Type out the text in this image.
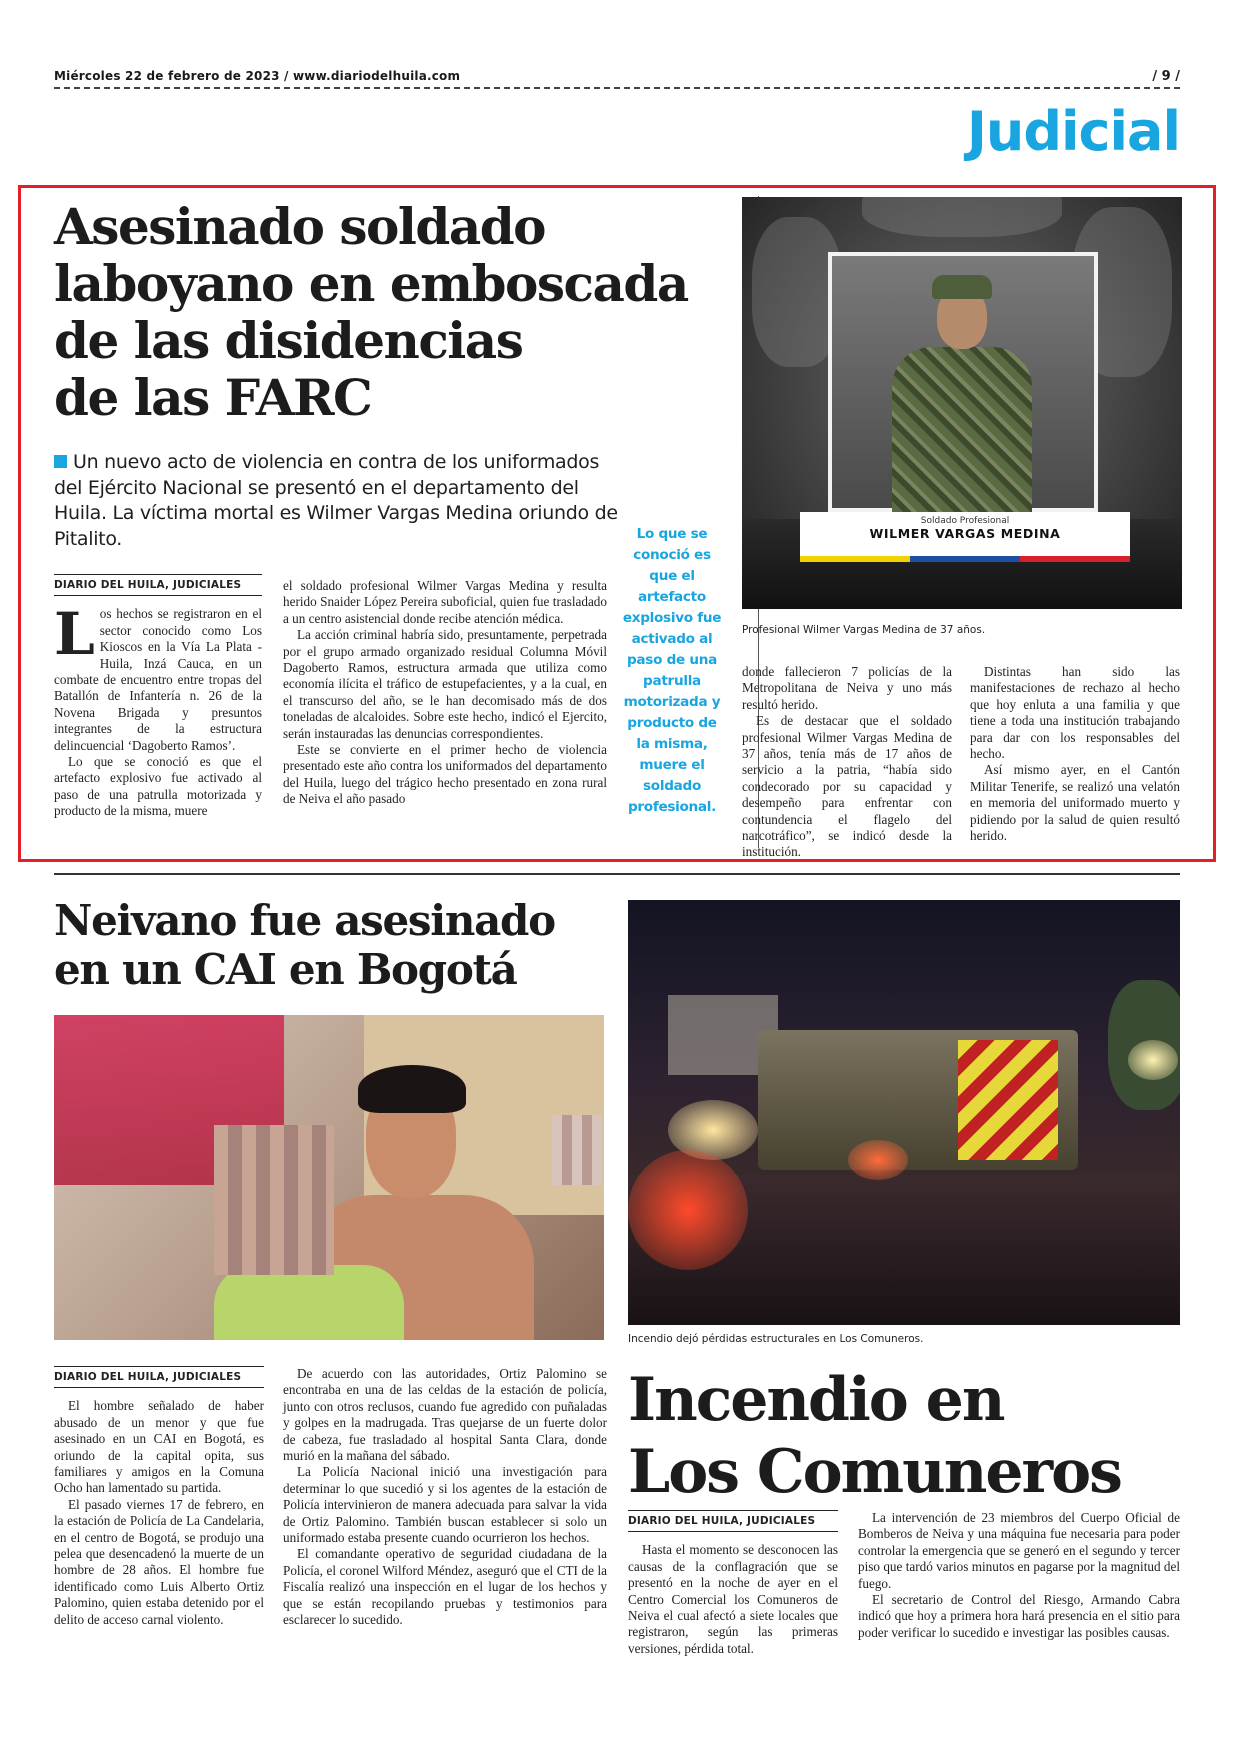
Miércoles 22 de febrero de 2023 / www.diariodelhuila.com	/ 9 /
Judicial
Asesinado soldado
laboyano en emboscada
de las disidencias
de las FARC
Un nuevo acto de violencia en contra de los uniformados del Ejército Nacional se presentó en el departamento del Huila. La víctima mortal es Wilmer Vargas Medina oriundo de Pitalito.
DIARIO DEL HUILA, JUDICIALES

Los hechos se registraron en el sector conocido como Los Kioscos en la Vía La Plata - Huila, Inzá Cauca, en un combate de encuentro entre tropas del Batallón de Infantería n. 26 de la Novena Brigada y presuntos integrantes de la estructura delincuencial ‘Dagoberto Ramos’.

Lo que se conoció es que el artefacto explosivo fue activado al paso de una patrulla motorizada y producto de la misma, muere

el soldado profesional Wilmer Vargas Medina y resulta herido Snaider López Pereira suboficial, quien fue trasladado a un centro asistencial donde recibe atención médica.

La acción criminal habría sido, presuntamente, perpetrada por el grupo armado organizado residual Columna Móvil Dagoberto Ramos, estructura armada que utiliza como economía ilícita el tráfico de estupefacientes, y a la cual, en el transcurso del año, se le han decomisado más de dos toneladas de alcaloides. Sobre este hecho, indicó el Ejercito, serán instauradas las denuncias correspondientes.

Este se convierte en el primer hecho de violencia presentado este año contra los uniformados del departamento del Huila, luego del trágico hecho presentado en zona rural de Neiva el año pasado

Lo que se conoció es que el artefacto explosivo fue activado al paso de una patrulla motorizada y producto de la misma, muere el soldado profesional.
Soldado Profesional
WILMER VARGAS MEDINA
Profesional Wilmer Vargas Medina de 37 años.

donde fallecieron 7 policías de la Metropolitana de Neiva y uno más resultó herido.

Es de destacar que el soldado profesional Wilmer Vargas Medina de 37 años, tenía más de 17 años de servicio a la patria, “había sido condecorado por su capacidad y desempeño para enfrentar con contundencia el flagelo del narcotráfico”, se indicó desde la institución.

Distintas han sido las manifestaciones de rechazo al hecho que hoy enluta a una familia y que tiene a toda una institución trabajando para dar con los responsables del hecho.

Así mismo ayer, en el Cantón Militar Tenerife, se realizó una velatón en memoria del uniformado muerto y pidiendo por la salud de quien resultó herido.

Neivano fue asesinado
en un CAI en Bogotá
DIARIO DEL HUILA, JUDICIALES

El hombre señalado de haber abusado de un menor y que fue asesinado en un CAI en Bogotá, es oriundo de la capital opita, sus familiares y amigos en la Comuna Ocho han lamentado su partida.

El pasado viernes 17 de febrero, en la estación de Policía de La Candelaria, en el centro de Bogotá, se produjo una pelea que desencadenó la muerte de un hombre de 28 años. El hombre fue identificado como Luis Alberto Ortiz Palomino, quien estaba detenido por el delito de acceso carnal violento.

De acuerdo con las autoridades, Ortiz Palomino se encontraba en una de las celdas de la estación de policía, junto con otros reclusos, cuando fue agredido con puñaladas y golpes en la madrugada. Tras quejarse de un fuerte dolor de cabeza, fue trasladado al hospital Santa Clara, donde murió en la mañana del sábado.

La Policía Nacional inició una investigación para determinar lo que sucedió y si los agentes de la estación de Policía intervinieron de manera adecuada para salvar la vida de Ortiz Palomino. También buscan establecer si solo un uniformado estaba presente cuando ocurrieron los hechos.

El comandante operativo de seguridad ciudadana de la Policía, el coronel Wilford Méndez, aseguró que el CTI de la Fiscalía realizó una inspección en el lugar de los hechos y que se están recopilando pruebas y testimonios para esclarecer lo sucedido.

Incendio dejó pérdidas estructurales en Los Comuneros.
Incendio en
Los Comuneros
DIARIO DEL HUILA, JUDICIALES

Hasta el momento se desconocen las causas de la conflagración que se presentó en la noche de ayer en el Centro Comercial los Comuneros de Neiva el cual afectó a siete locales que registraron, según las primeras versiones, pérdida total.

La intervención de 23 miembros del Cuerpo Oficial de Bomberos de Neiva y una máquina fue necesaria para poder controlar la emergencia que se generó en el segundo y tercer piso que tardó varios minutos en pagarse por la magnitud del fuego.

El secretario de Control del Riesgo, Armando Cabra indicó que hoy a primera hora hará presencia en el sitio para poder verificar lo sucedido e investigar las posibles causas.
